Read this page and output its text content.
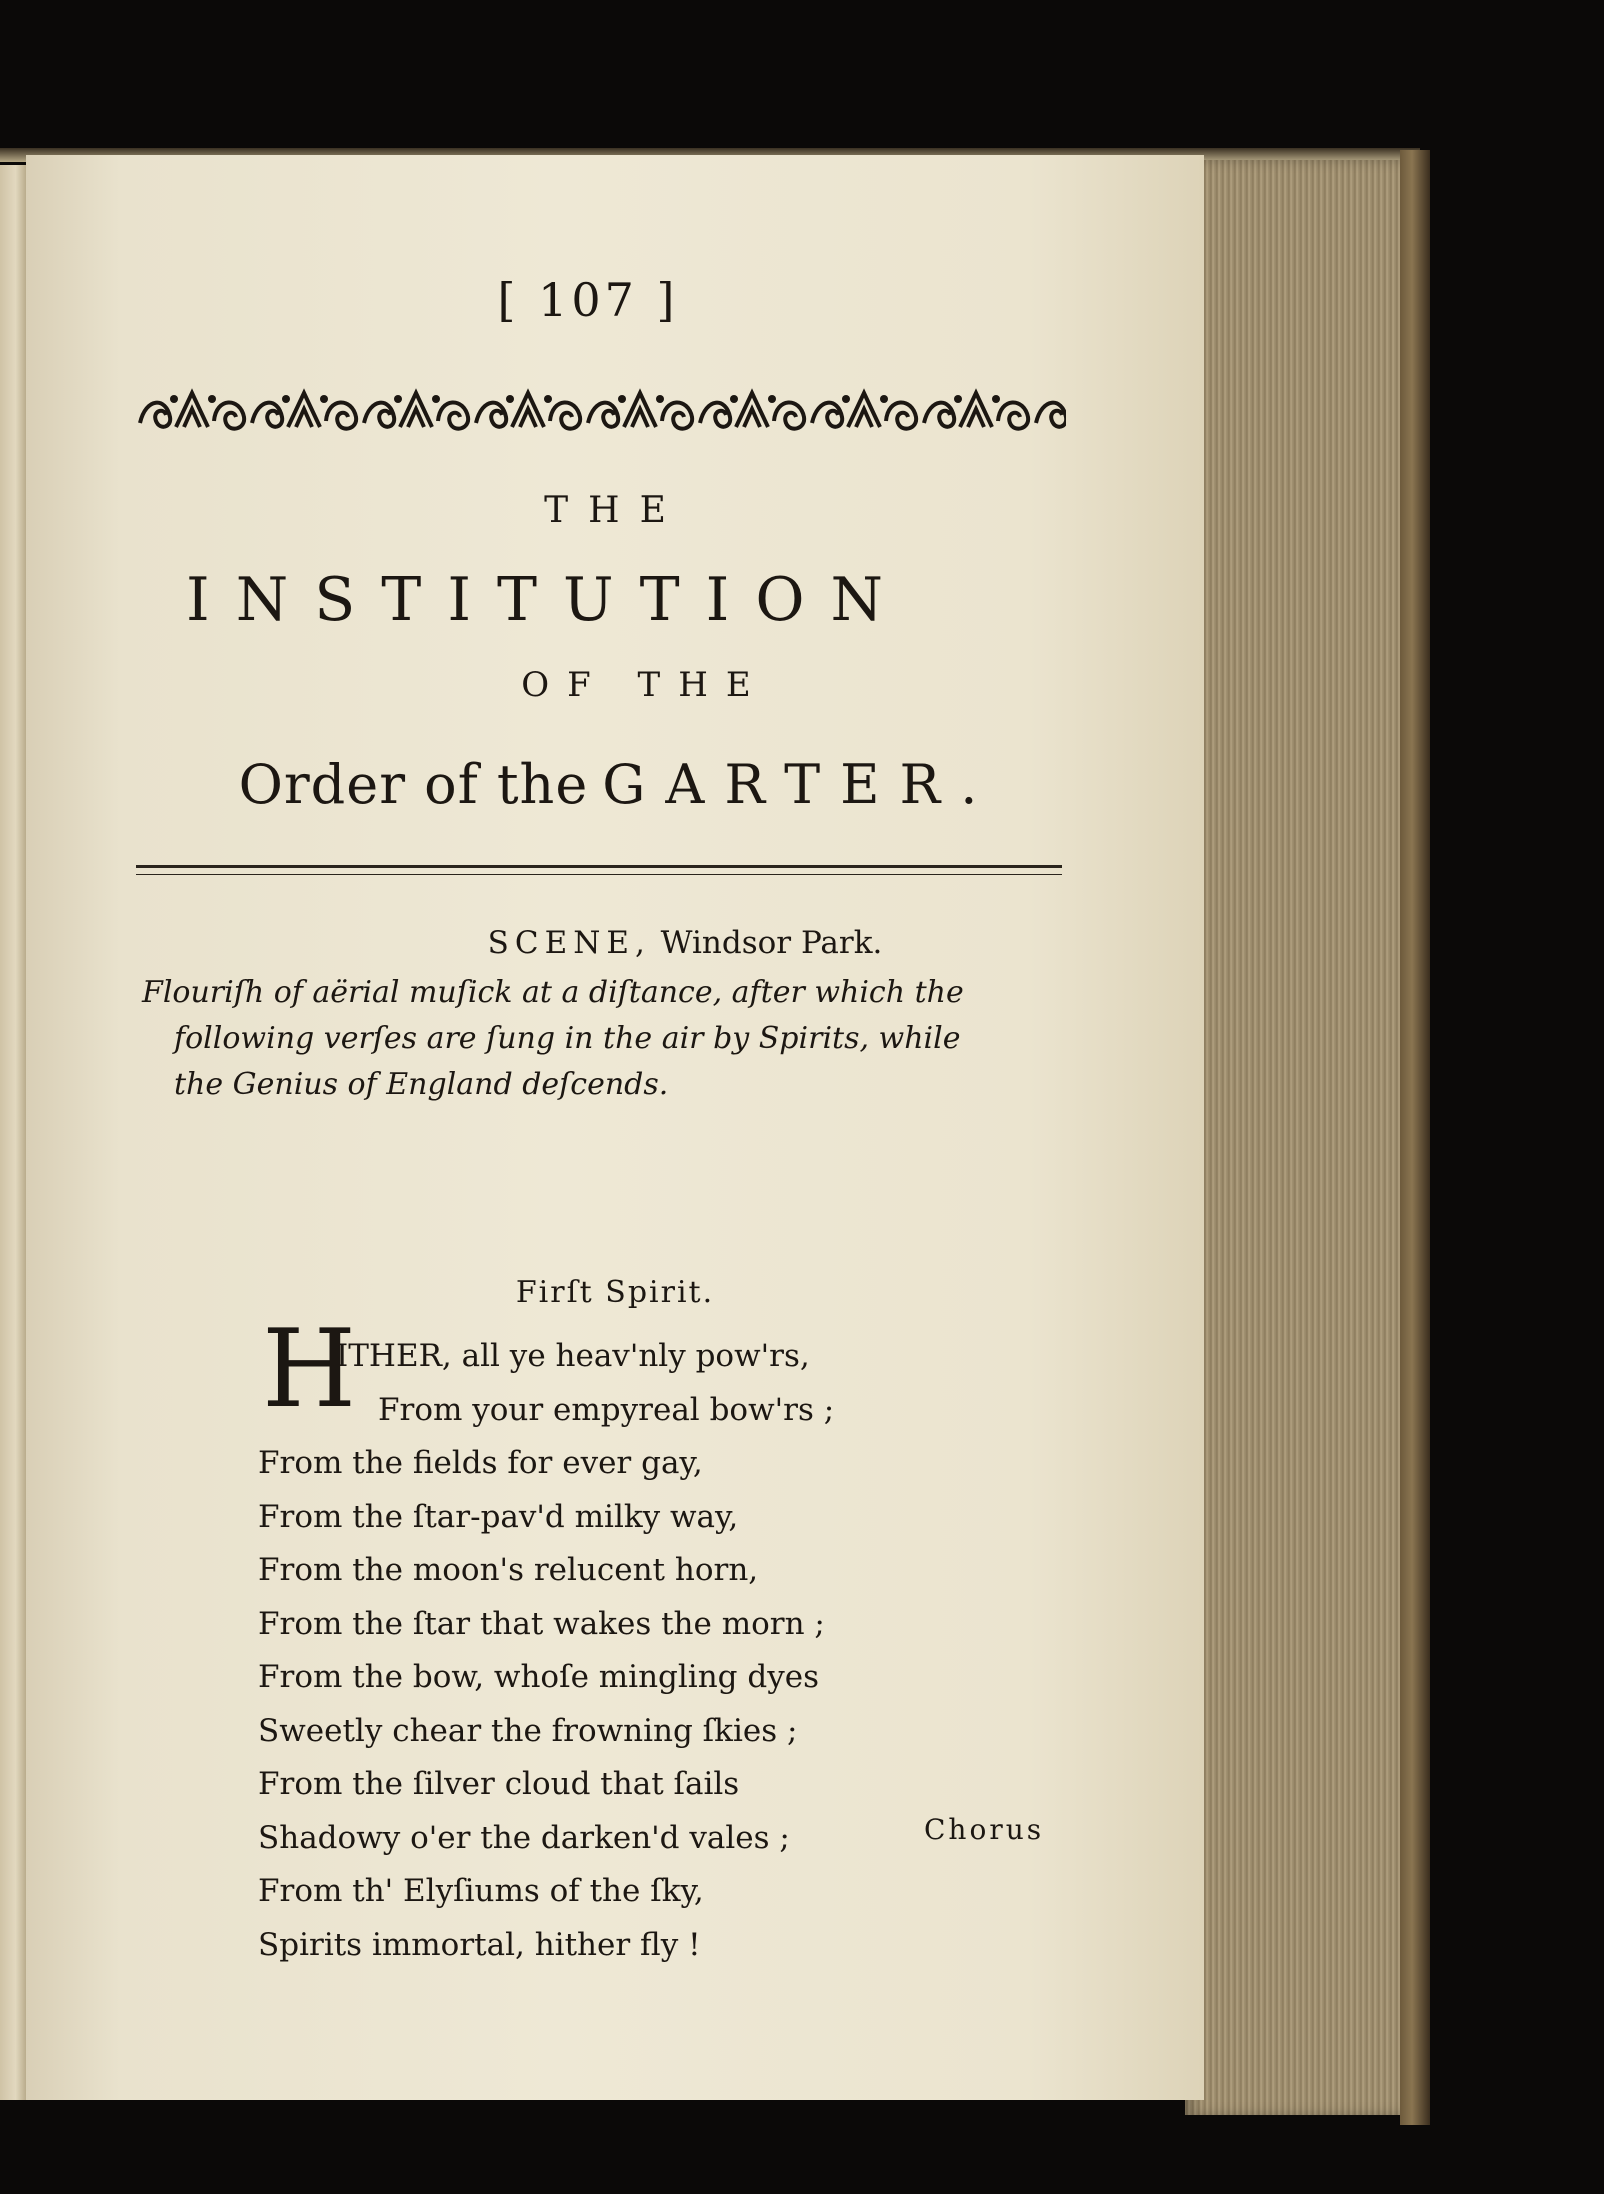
[ 107 ]
THE
INSTITUTION
OF THE
Order of the GARTER.
SCENE, Windsor Park.
Flouriſh of aërial muſick at a diſtance, after which the
following verſes are ſung in the air by Spirits, while
the Genius of England deſcends.
Firſt Spirit.
H
ITHER, all ye heav'nly pow'rs,
From your empyreal bow'rs ;
From the fields for ever gay,
From the ſtar-pav'd milky way,
From the moon's relucent horn,
From the ſtar that wakes the morn ;
From the bow, whoſe mingling dyes
Sweetly chear the frowning ſkies ;
From the ſilver cloud that ſails
Shadowy o'er the darken'd vales ;
From th' Elyſiums of the ſky,
Spirits immortal, hither fly !
Chorus
